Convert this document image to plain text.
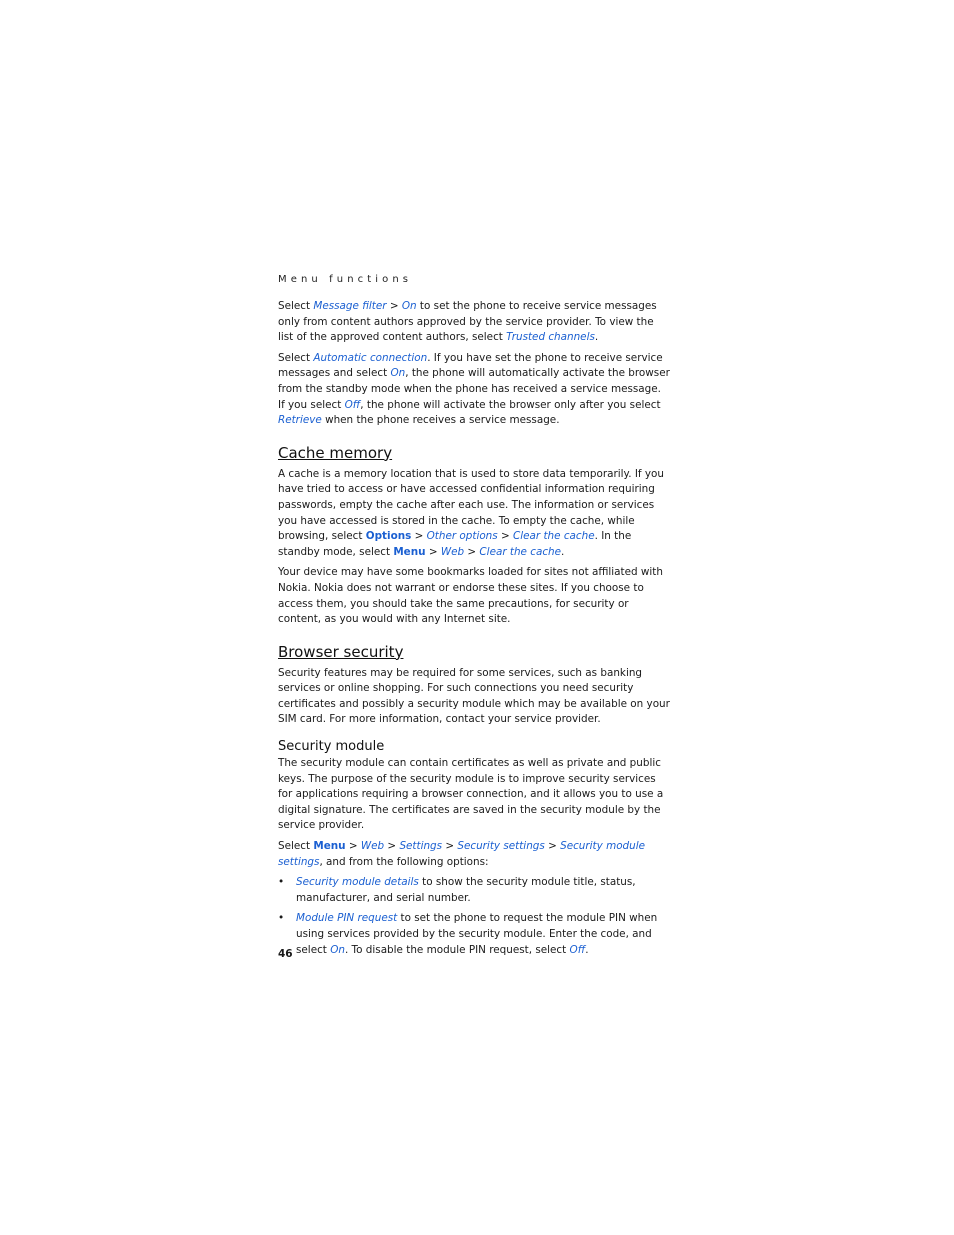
Menu functions

Select Message filter > On to set the phone to receive service messages only from content authors approved by the service provider. To view the list of the approved content authors, select Trusted channels.

Select Automatic connection. If you have set the phone to receive service messages and select On, the phone will automatically activate the browser from the standby mode when the phone has received a service message. If you select Off, the phone will activate the browser only after you select Retrieve when the phone receives a service message.

Cache memory

A cache is a memory location that is used to store data temporarily. If you have tried to access or have accessed confidential information requiring passwords, empty the cache after each use. The information or services you have accessed is stored in the cache. To empty the cache, while browsing, select Options > Other options > Clear the cache. In the standby mode, select Menu > Web > Clear the cache.

Your device may have some bookmarks loaded for sites not affiliated with Nokia. Nokia does not warrant or endorse these sites. If you choose to access them, you should take the same precautions, for security or content, as you would with any Internet site.

Browser security

Security features may be required for some services, such as banking services or online shopping. For such connections you need security certificates and possibly a security module which may be available on your SIM card. For more information, contact your service provider.

Security module

The security module can contain certificates as well as private and public keys. The purpose of the security module is to improve security services for applications requiring a browser connection, and it allows you to use a digital signature. The certificates are saved in the security module by the service provider.

Select Menu > Web > Settings > Security settings > Security module settings, and from the following options:

• Security module details to show the security module title, status, manufacturer, and serial number.
• Module PIN request to set the phone to request the module PIN when using services provided by the security module. Enter the code, and select On. To disable the module PIN request, select Off.
46
